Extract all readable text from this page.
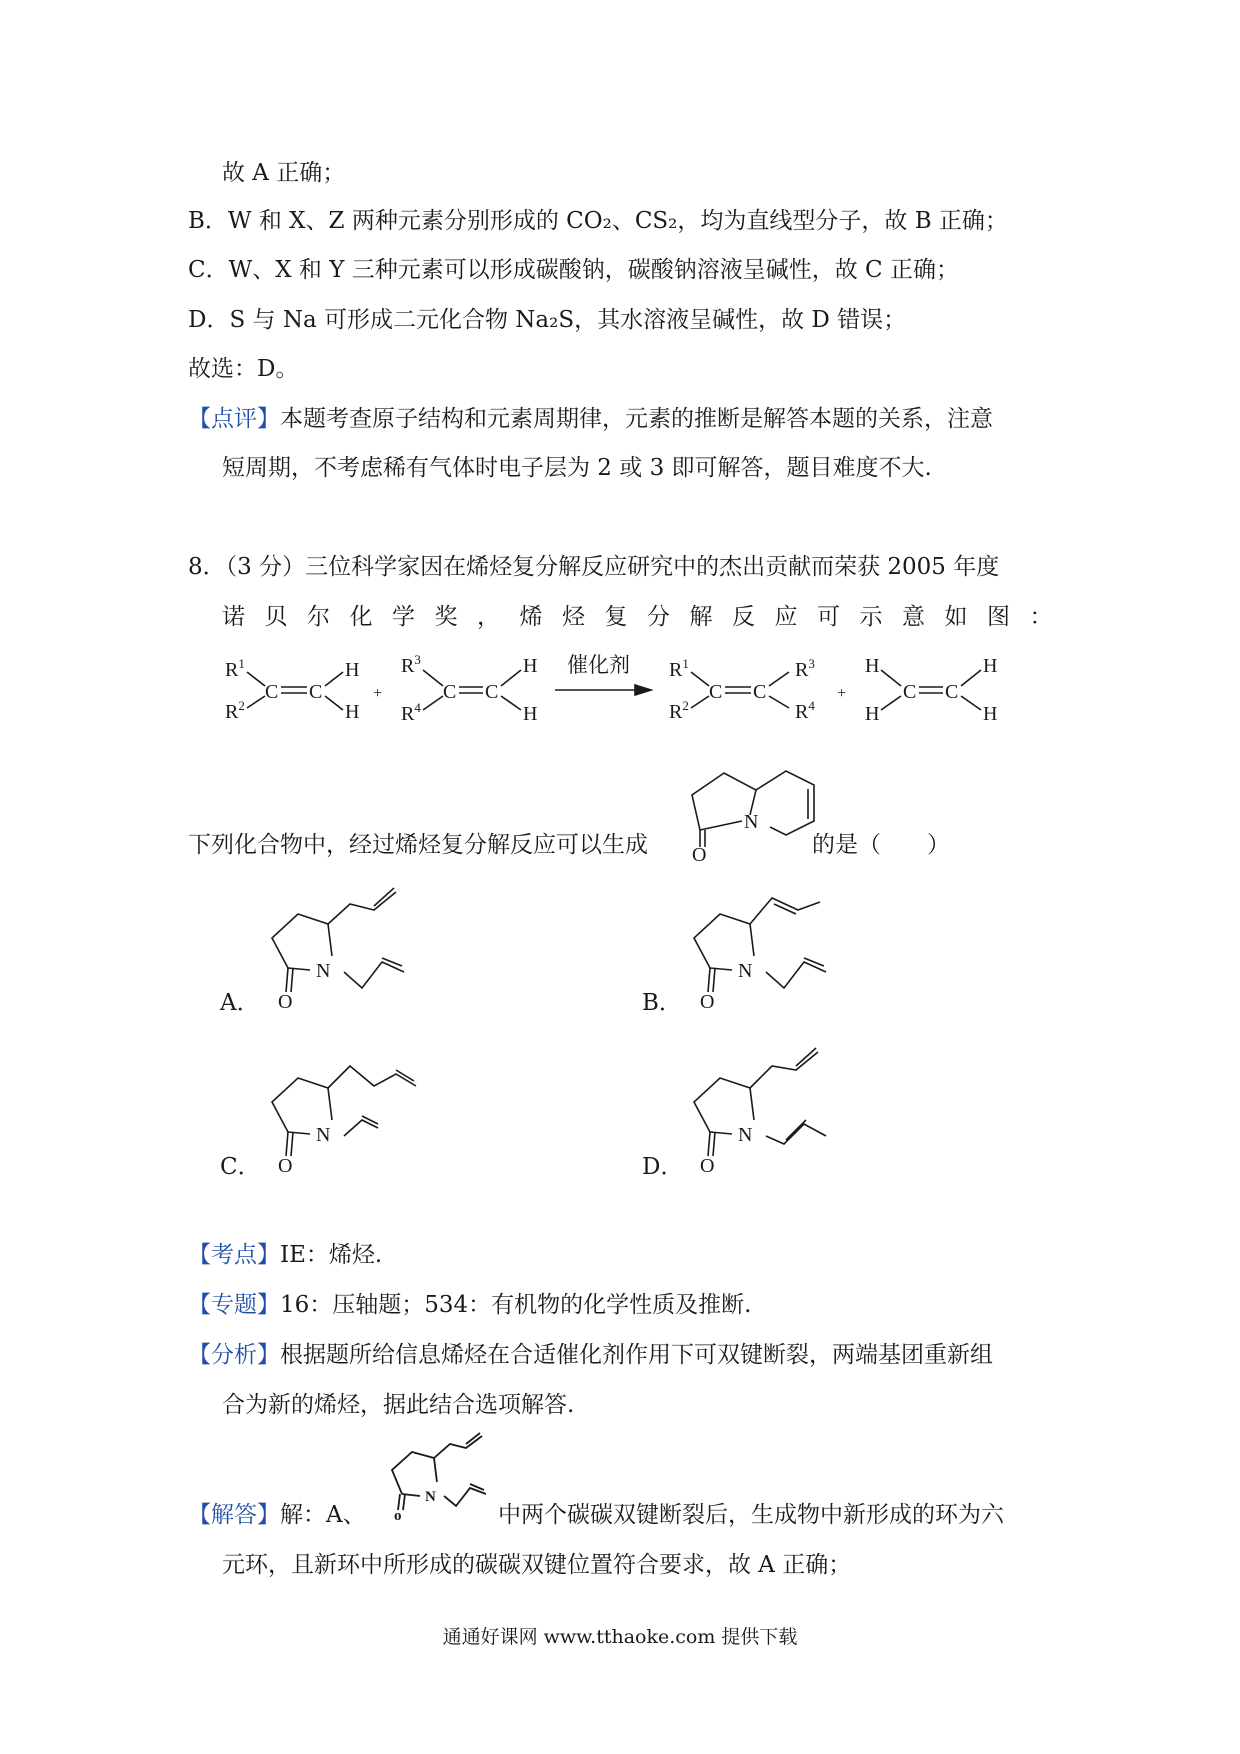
故 A 正确；
B．W 和 X、Z 两种元素分别形成的 CO₂、CS₂，均为直线型分子，故 B 正确；
C．W、X 和 Y 三种元素可以形成碳酸钠，碳酸钠溶液呈碱性，故 C 正确；
D．S 与 Na 可形成二元化合物 Na₂S，其水溶液呈碱性，故 D 错误；
故选：D。
【点评】本题考查原子结构和元素周期律，元素的推断是解答本题的关系，注意
短周期，不考虑稀有气体时电子层为 2 或 3 即可解答，题目难度不大.
8．（3 分）三位科学家因在烯烃复分解反应研究中的杰出贡献而荣获 2005 年度
诺贝尔化学奖，烯烃复分解反应可示意如图：
$R^1$
$R^2$
C C
H
H
+
$R^3$
$R^4$
C C
H
H
$R^1$
$R^2$
C C
$R^3$
$R^4$
+
H
H
C C
H
H
催化剂
下列化合物中，经过烯烃复分解反应可以生成
N
O	的是（　　）
A．
N
O	B．
N
O
C．
N
O	D．
N
O
【考点】IE：烯烃.
【专题】16：压轴题；534：有机物的化学性质及推断.
【分析】根据题所给信息烯烃在合适催化剂作用下可双键断裂，两端基团重新组
合为新的烯烃，据此结合选项解答.
【解答】解：A、
N
o	中两个碳碳双键断裂后，生成物中新形成的环为六
元环，且新环中所形成的碳碳双键位置符合要求，故 A 正确；
通通好课网 www.tthaoke.com 提供下载
